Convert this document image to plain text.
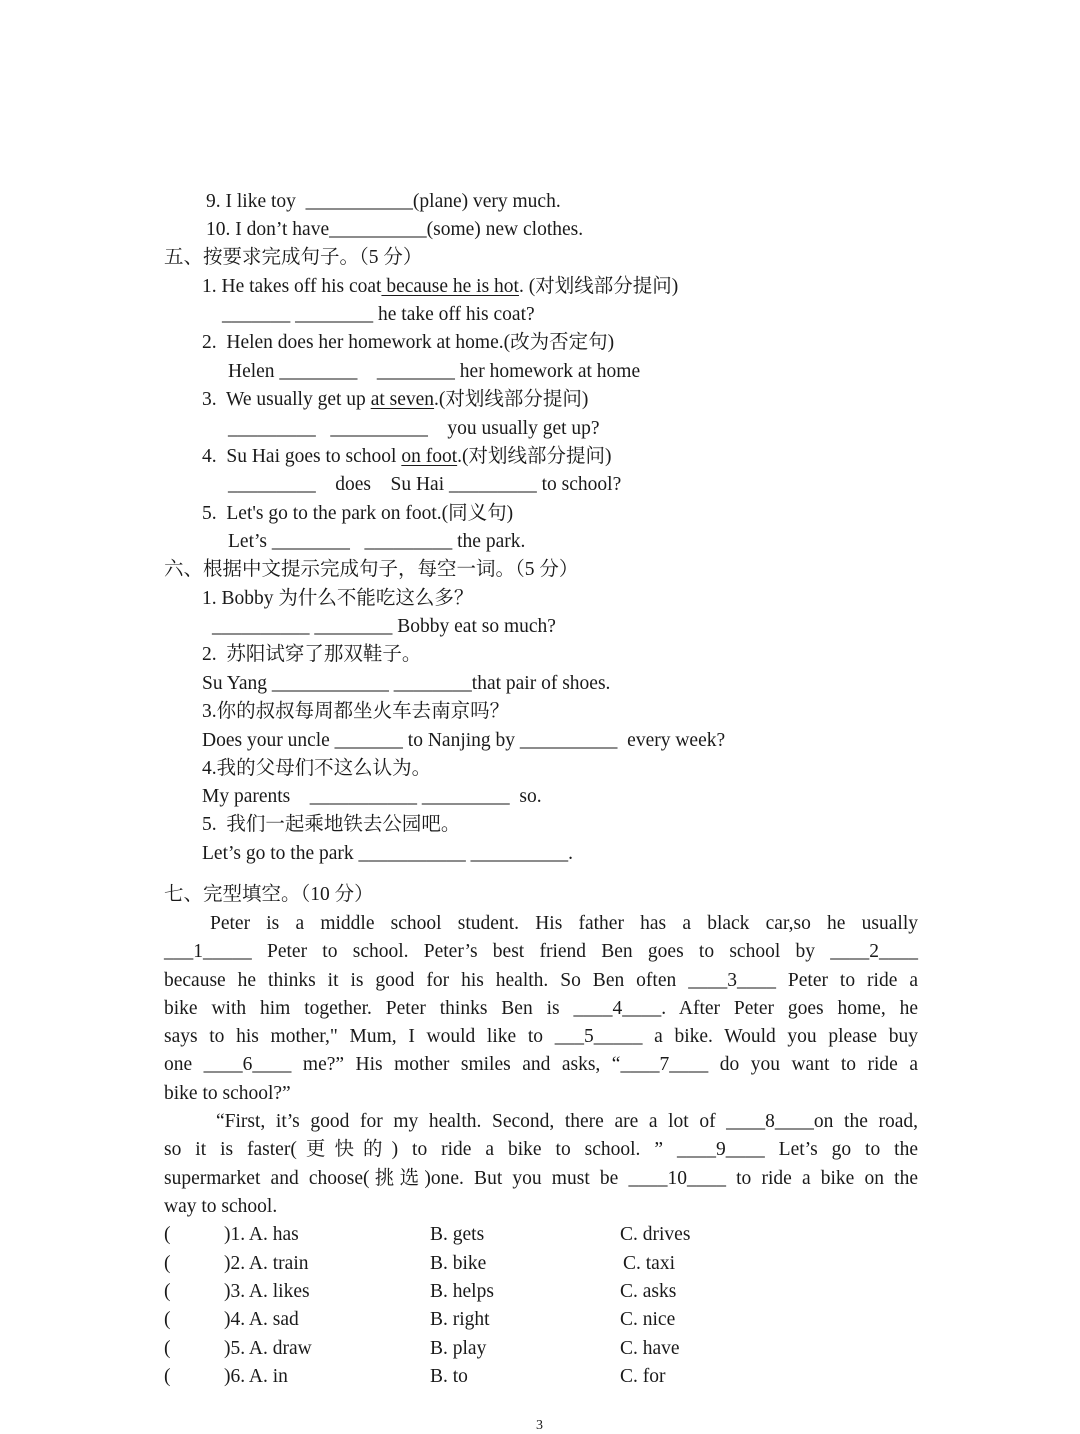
9. I like toy  ___________(plane) very much.
10. I don’t have__________(some) new clothes.
五、按要求完成句子。（5 分）
1. He takes off his coat because he is hot. (对划线部分提问)
_______ ________ he take off his coat?
2.  Helen does her homework at home.(改为否定句)
Helen ________    ________ her homework at home
3.  We usually get up at seven.(对划线部分提问)
_________   __________    you usually get up?
4.  Su Hai goes to school on foot.(对划线部分提问)
_________    does    Su Hai _________ to school?
5.  Let's go to the park on foot.(同义句)
Let’s ________   _________ the park.
六、根据中文提示完成句子，每空一词。（5 分）
1. Bobby 为什么不能吃这么多？
__________ ________ Bobby eat so much?
2.  苏阳试穿了那双鞋子。
Su Yang ____________ ________that pair of shoes.
3.你的叔叔每周都坐火车去南京吗？
Does your uncle _______ to Nanjing by __________  every week?
4.我的父母们不这么认为。
My parents    ___________ _________  so.
5.  我们一起乘地铁去公园吧。
Let’s go to the park ___________ __________.
七、完型填空。（10 分）
Peter is a middle school student. His father has a black car,so he usually
___1_____ Peter to school. Peter’s best friend Ben goes to school by ____2____
because he thinks it is good for his health. So Ben often ____3____ Peter to ride a
bike with him together. Peter thinks Ben is ____4____. After Peter goes home, he
says to his mother," Mum, I would like to ___5_____ a bike. Would you please buy
one ____6____ me?” His mother smiles and asks, “____7____ do you want to ride a
bike to school?”
“First, it’s good for my health. Second, there are a lot of ____8____on the road,
so it is faster(更快的) to ride a bike to school. ” ____9____ Let’s go to the
supermarket and choose(挑选)one. But you must be ____10____ to ride a bike on the
way to school.
(	)1. A. has	B. gets	C. drives
(	)2. A. train	B. bike	C. taxi
(	)3. A. likes	B. helps	C. asks
(	)4. A. sad	B. right	C. nice
(	)5. A. draw	B. play	C. have
(	)6. A. in	B. to	C. for
3
